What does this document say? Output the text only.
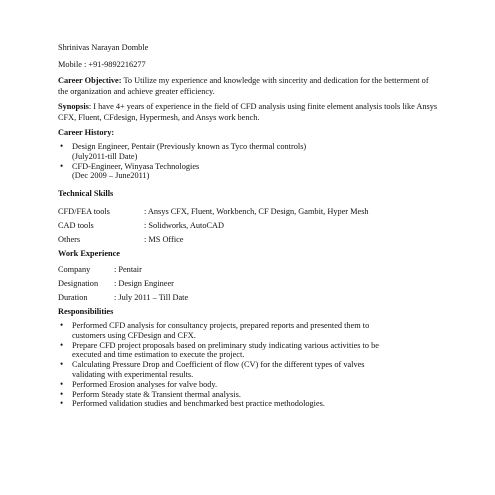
Shrinivas Narayan Domble
Mobile : +91-9892216277
Career Objective: To Utilize my experience and knowledge with sincerity and dedication for the betterment of the organization and achieve greater efficiency.
Synopsis: I have 4+ years of experience in the field of CFD analysis using finite element analysis tools like Ansys CFX, Fluent, CFdesign, Hypermesh, and Ansys work bench.
Career History:
• Design Engineer, Pentair (Previously known as Tyco thermal controls)
(July2011-till Date)
• CFD-Engineer, Winyasa Technologies
(Dec 2009 – June2011)
Technical Skills
CFD/FEA tools	: Ansys CFX, Fluent, Workbench, CF Design, Gambit, Hyper Mesh
CAD tools	: Solidworks, AutoCAD
Others	: MS Office
Work Experience
Company	: Pentair
Designation : Design Engineer
Duration	: July 2011 – Till Date
Responsibilities
• Performed CFD analysis for consultancy projects, prepared reports and presented them to
customers using CFDesign and CFX.
• Prepare CFD project proposals based on preliminary study indicating various activities to be
executed and time estimation to execute the project.
• Calculating Pressure Drop and Coefficient of flow (CV) for the different types of valves
validating with experimental results.
• Performed Erosion analyses for valve body.
• Perform Steady state & Transient thermal analysis.
• Performed validation studies and benchmarked best practice methodologies.
